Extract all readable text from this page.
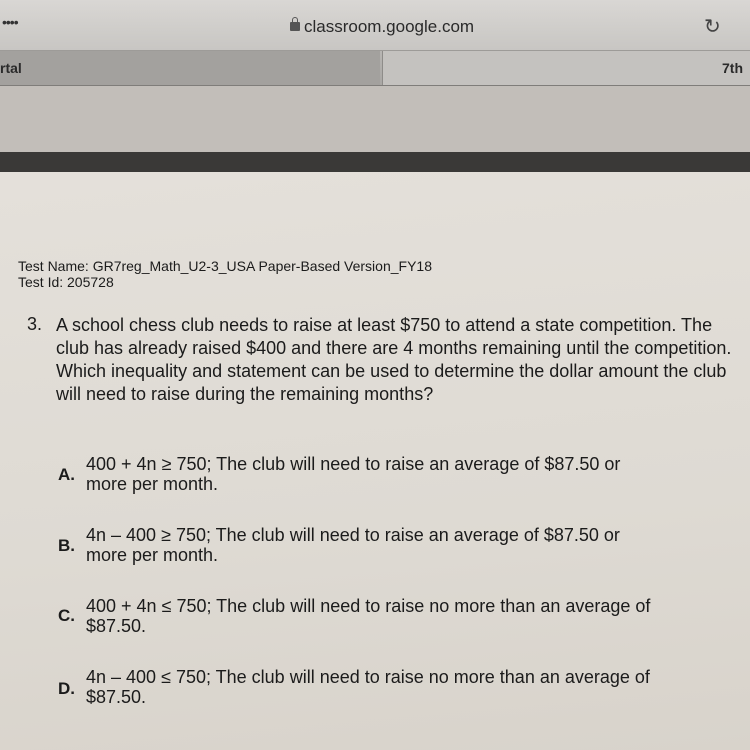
••••	classroom.google.com	↻
rtal	7th
Test Name: GR7reg_Math_U2-3_USA Paper-Based Version_FY18
Test Id: 205728
3. A school chess club needs to raise at least $750 to attend a state competition. The club has already raised $400 and there are 4 months remaining until the competition. Which inequality and statement can be used to determine the dollar amount the club will need to raise during the remaining months?
A.
400 + 4n ≥ 750; The club will need to raise an average of $87.50 or
more per month.
B.
4n – 400 ≥ 750; The club will need to raise an average of $87.50 or
more per month.
C. 400 + 4n ≤ 750; The club will need to raise no more than an average of
$87.50.
D.
4n – 400 ≤ 750; The club will need to raise no more than an average of
$87.50.
